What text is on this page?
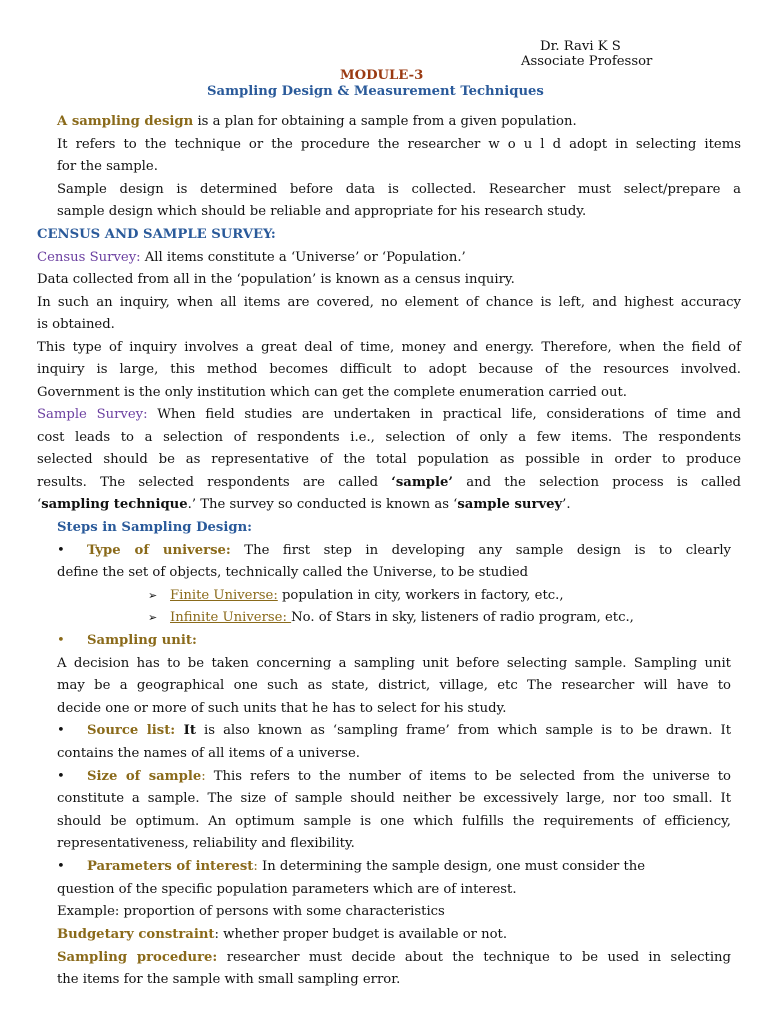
Dr. Ravi K S
Associate Professor
MODULE-3
Sampling Design & Measurement Techniques
A sampling design is a plan for obtaining a sample from a given population.
It refers to the technique or the procedure the researcher w o u l d adopt in selecting items
for the sample.
Sample design is determined before data is collected. Researcher must select/prepare a
sample design which should be reliable and appropriate for his research study.
CENSUS AND SAMPLE SURVEY:
Census Survey: All items constitute a ‘Universe’ or ‘Population.’
Data collected from all in the ‘population’ is known as a census inquiry.
In such an inquiry, when all items are covered, no element of chance is left, and highest accuracy
is obtained.
This type of inquiry involves a great deal of time, money and energy. Therefore, when the field of
inquiry is large, this method becomes difficult to adopt because of the resources involved.
Government is the only institution which can get the complete enumeration carried out.
Sample Survey: When field studies are undertaken in practical life, considerations of time and
cost leads to a selection of respondents i.e., selection of only a few items. The respondents
selected should be as representative of the total population as possible in order to produce
results. The selected respondents are called ‘sample’ and the selection process is called
‘sampling technique.’ The survey so conducted is known as ‘sample survey’.
Steps in Sampling Design:
• Type of universe: The first step in developing any sample design is to clearly
define the set of objects, technically called the Universe, to be studied
➢ Finite Universe: population in city, workers in factory, etc.,
➢ Infinite Universe: No. of Stars in sky, listeners of radio program, etc.,
• Sampling unit:
A decision has to be taken concerning a sampling unit before selecting sample. Sampling unit
may be a geographical one such as state, district, village, etc The researcher will have to
decide one or more of such units that he has to select for his study.
• Source list: It is also known as ‘sampling frame’ from which sample is to be drawn. It
contains the names of all items of a universe.
• Size of sample: This refers to the number of items to be selected from the universe to
constitute a sample. The size of sample should neither be excessively large, nor too small. It
should be optimum. An optimum sample is one which fulfills the requirements of efficiency,
representativeness, reliability and flexibility.
• Parameters of interest: In determining the sample design, one must consider the
question of the specific population parameters which are of interest.
Example: proportion of persons with some characteristics
Budgetary constraint: whether proper budget is available or not.
Sampling procedure: researcher must decide about the technique to be used in selecting
the items for the sample with small sampling error.
